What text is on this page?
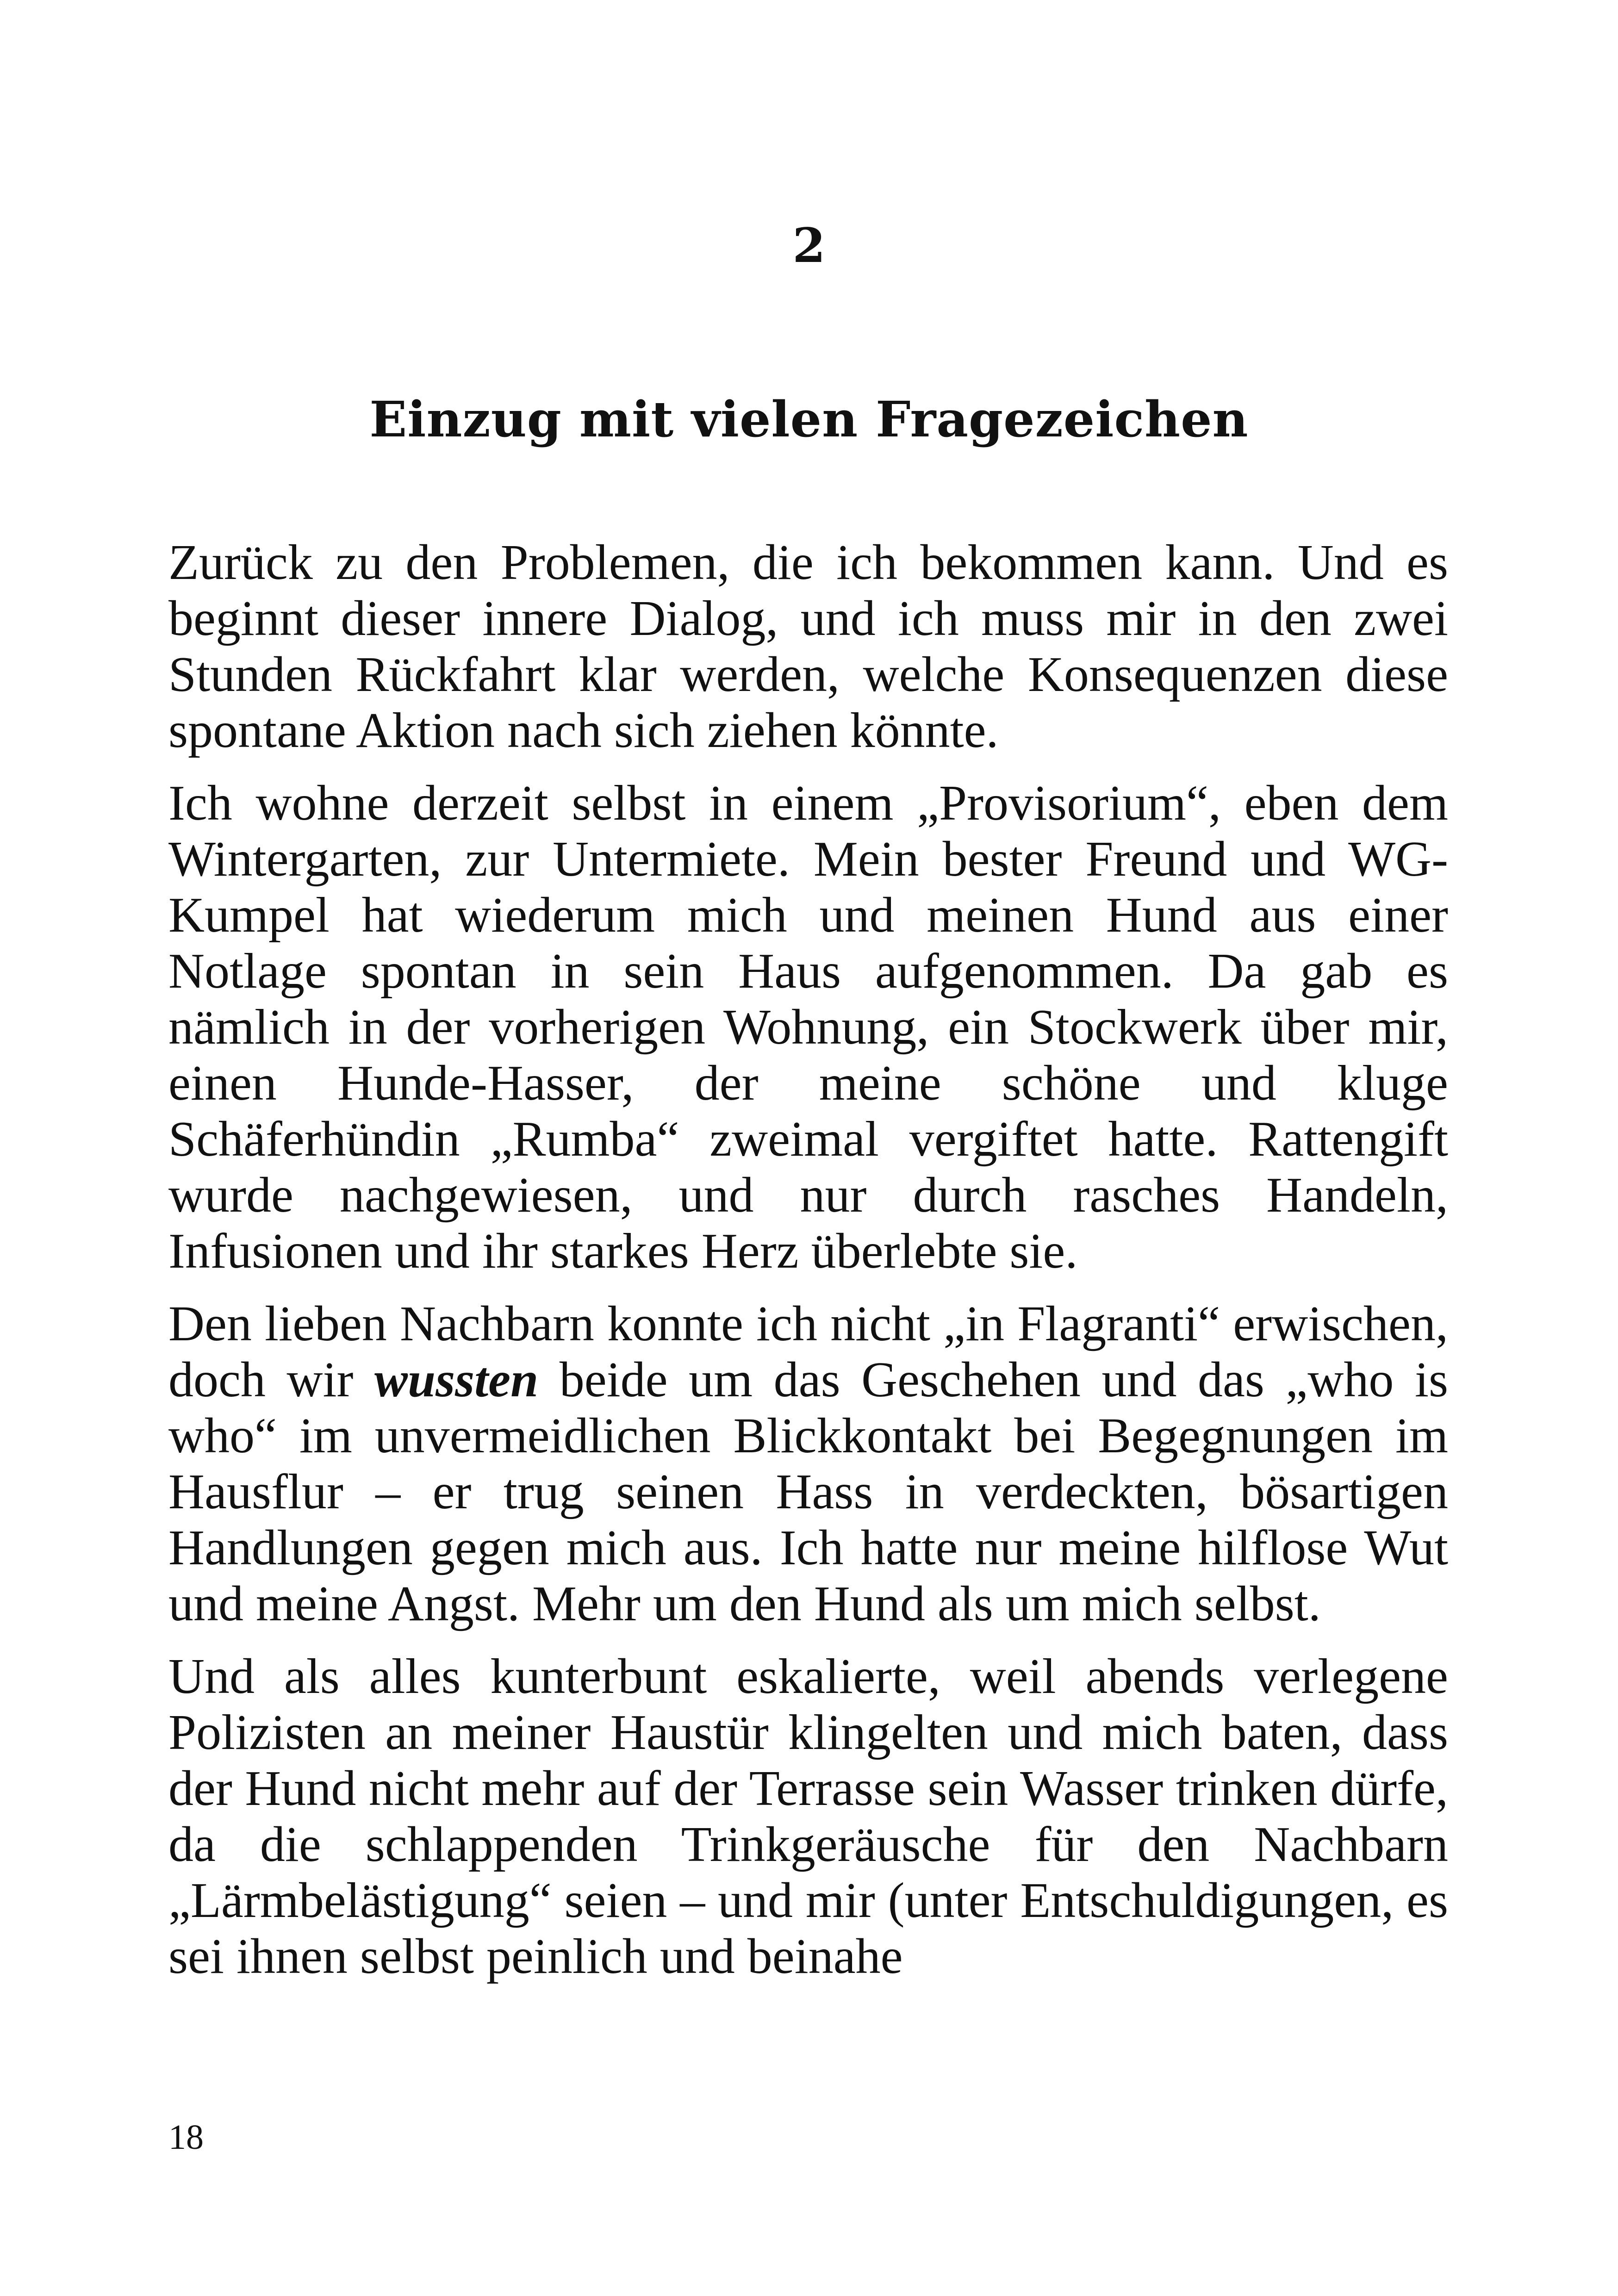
2
Einzug mit vielen Fragezeichen

Zurück zu den Problemen, die ich bekommen kann. Und es beginnt dieser innere Dialog, und ich muss mir in den zwei Stunden Rückfahrt klar werden, welche Konsequenzen diese spontane Aktion nach sich ziehen könnte.

Ich wohne derzeit selbst in einem „Provisorium“, eben dem Wintergarten, zur Untermiete. Mein bester Freund und WG-Kumpel hat wiederum mich und meinen Hund aus einer Notlage spontan in sein Haus aufgenommen. Da gab es nämlich in der vorherigen Wohnung, ein Stockwerk über mir, einen Hunde-Hasser, der meine schöne und kluge Schäferhündin „Rumba“ zweimal vergiftet hatte. Rattengift wurde nachgewiesen, und nur durch rasches Handeln, Infusionen und ihr starkes Herz überlebte sie.

Den lieben Nachbarn konnte ich nicht „in Flagranti“ erwischen, doch wir wussten beide um das Geschehen und das „who is who“ im unvermeidlichen Blickkontakt bei Begegnungen im Hausflur – er trug seinen Hass in verdeckten, bösartigen Handlungen gegen mich aus. Ich hatte nur meine hilflose Wut und meine Angst. Mehr um den Hund als um mich selbst.

Und als alles kunterbunt eskalierte, weil abends verlegene Polizisten an meiner Haustür klingelten und mich baten, dass der Hund nicht mehr auf der Terrasse sein Wasser trinken dürfe, da die schlappenden Trinkgeräusche für den Nachbarn „Lärmbelästigung“ seien – und mir (unter Entschuldigungen, es sei ihnen selbst peinlich und beinahe

18
